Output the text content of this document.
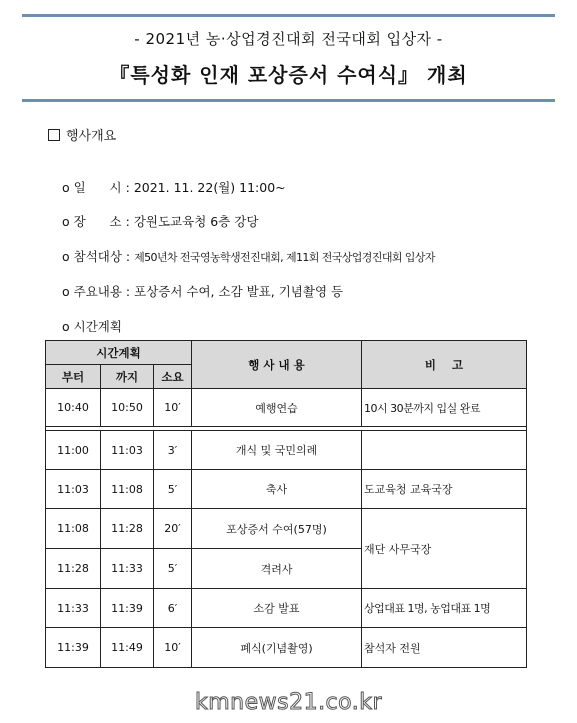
- 2021년 농·상업경진대회 전국대회 입상자 -
『특성화 인재 포상증서 수여식』 개최
행사개요
o 일      시 : 2021. 11. 22(월) 11:00~
o 장      소 : 강원도교육청 6층 강당
o 참석대상 : 제50년차 전국영농학생전진대회, 제11회 전국상업경진대회 입상자
o 주요내용 : 포상증서 수여, 소감 발표, 기념촬영 등
o 시간계획
시간계획			행 사 내 용	비    고
부터	까지	소요		
10:40	10:50	10′	예행연습	10시 30분까지 입실 완료

11:00	11:03	3′	개식 및 국민의례	
11:03	11:08	5′	축사	도교육청 교육국장
11:08	11:28	20′	포상증서 수여(57명)	재단 사무국장
11:28	11:33	5′	격려사	
11:33	11:39	6′	소감 발표	상업대표 1명, 농업대표 1명
11:39	11:49	10′	폐식(기념촬영)	참석자 전원
kmnews21.co.kr
